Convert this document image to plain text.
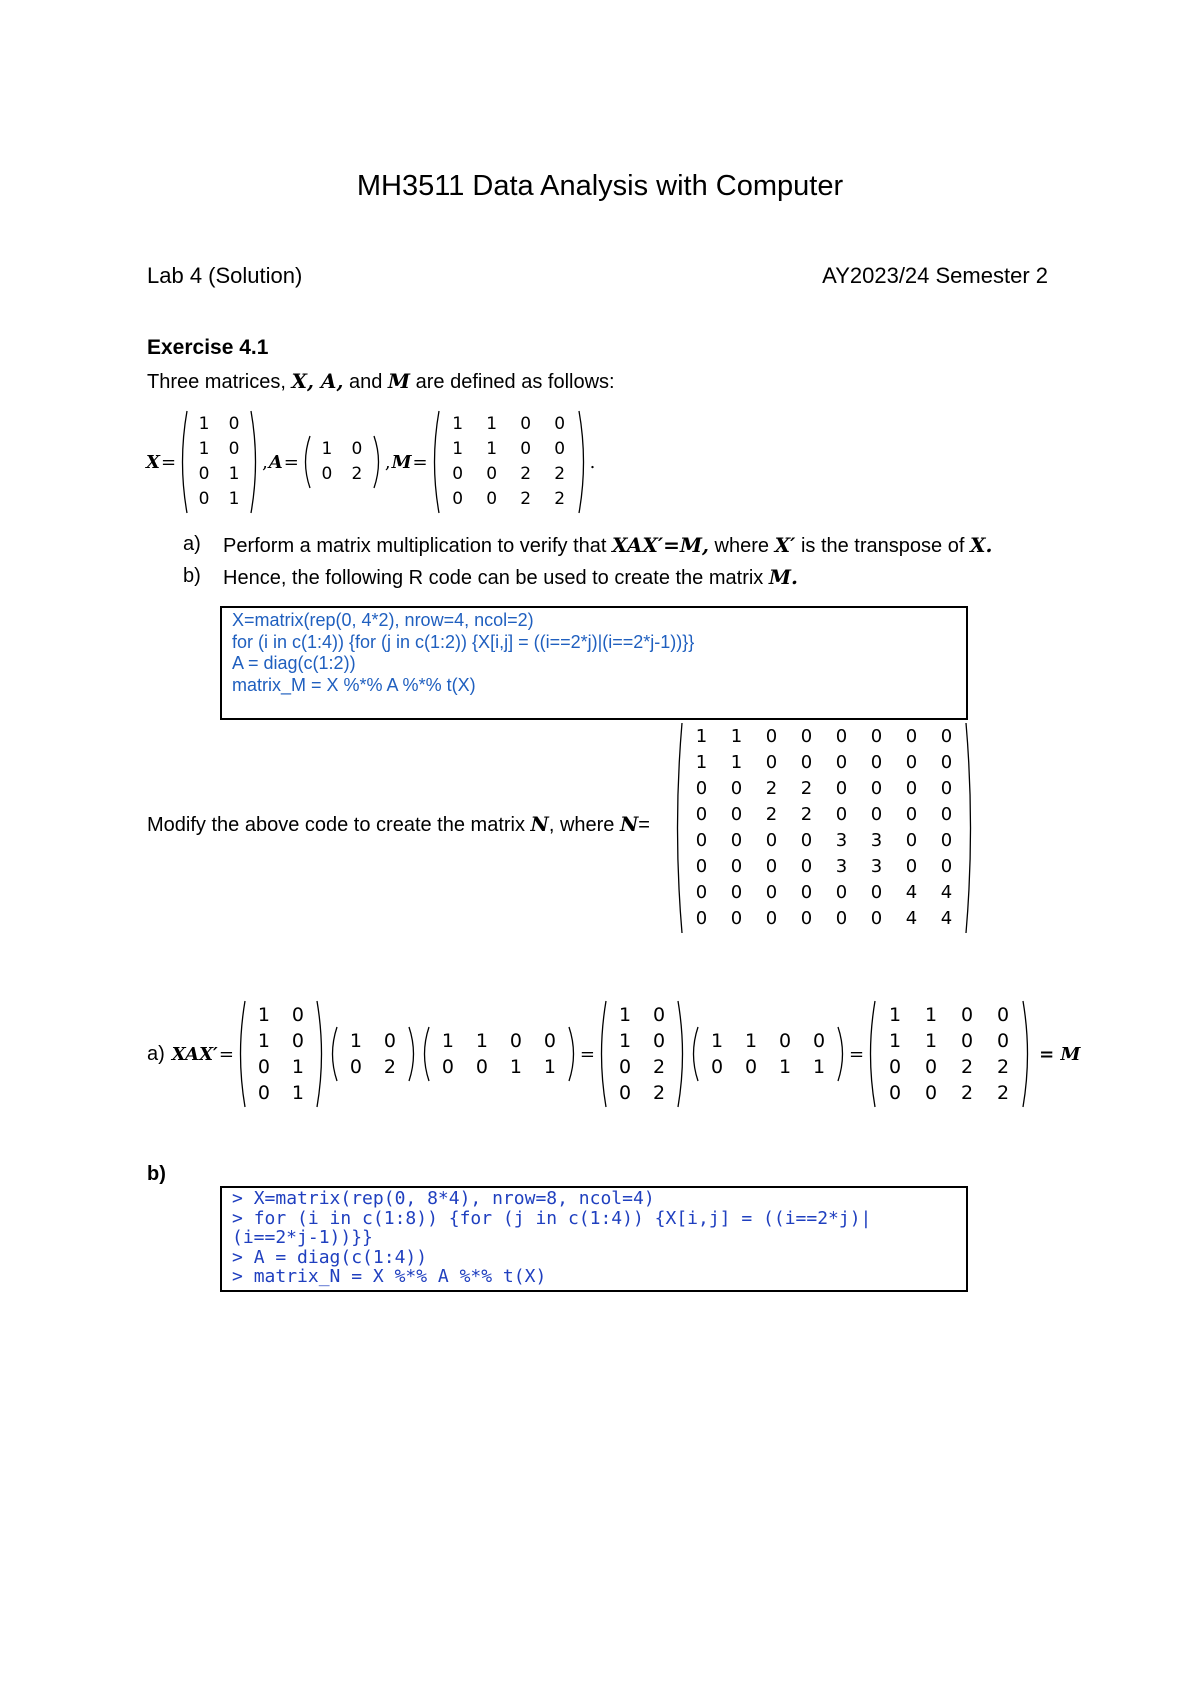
MH3511 Data Analysis with Computer
Lab 4 (Solution)	AY2023/24 Semester 2
Exercise 4.1
Three matrices, X, A, and M are defined as follows:
X =
1	0
1	0
0	1
0	1
, A =
1	0
0	2
, M =
1	1	0	0
1	1	0	0
0	0	2	2
0	0	2	2
.
a) Perform a matrix multiplication to verify that XAX′=M, where X′ is the transpose of X.
b) Hence, the following R code can be used to create the matrix M.
X=matrix(rep(0, 4*2), nrow=4, ncol=2)
for (i in c(1:4)) {for (j in c(1:2)) {X[i,j] = ((i==2*j)|(i==2*j-1))}}
A = diag(c(1:2))
matrix_M = X %*% A %*% t(X)
Modify the above code to create the matrix N, where N=
1	1	0	0	0	0	0	0
1	1	0	0	0	0	0	0
0	0	2	2	0	0	0	0
0	0	2	2	0	0	0	0
0	0	0	0	3	3	0	0
0	0	0	0	3	3	0	0
0	0	0	0	0	0	4	4
0	0	0	0	0	0	4	4
a) XAX′ =
1	0
1	0
0	1
0	1
1	0
0	2
1	1	0	0
0	0	1	1
=
1	0
1	0
0	2
0	2
1	1	0	0
0	0	1	1
=
1	1	0	0
1	1	0	0
0	0	2	2
0	0	2	2
= M
b)
> X=matrix(rep(0, 8*4), nrow=8, ncol=4)
> for (i in c(1:8)) {for (j in c(1:4)) {X[i,j] = ((i==2*j)|
(i==2*j-1))}}
> A = diag(c(1:4))
> matrix_N = X %*% A %*% t(X)
